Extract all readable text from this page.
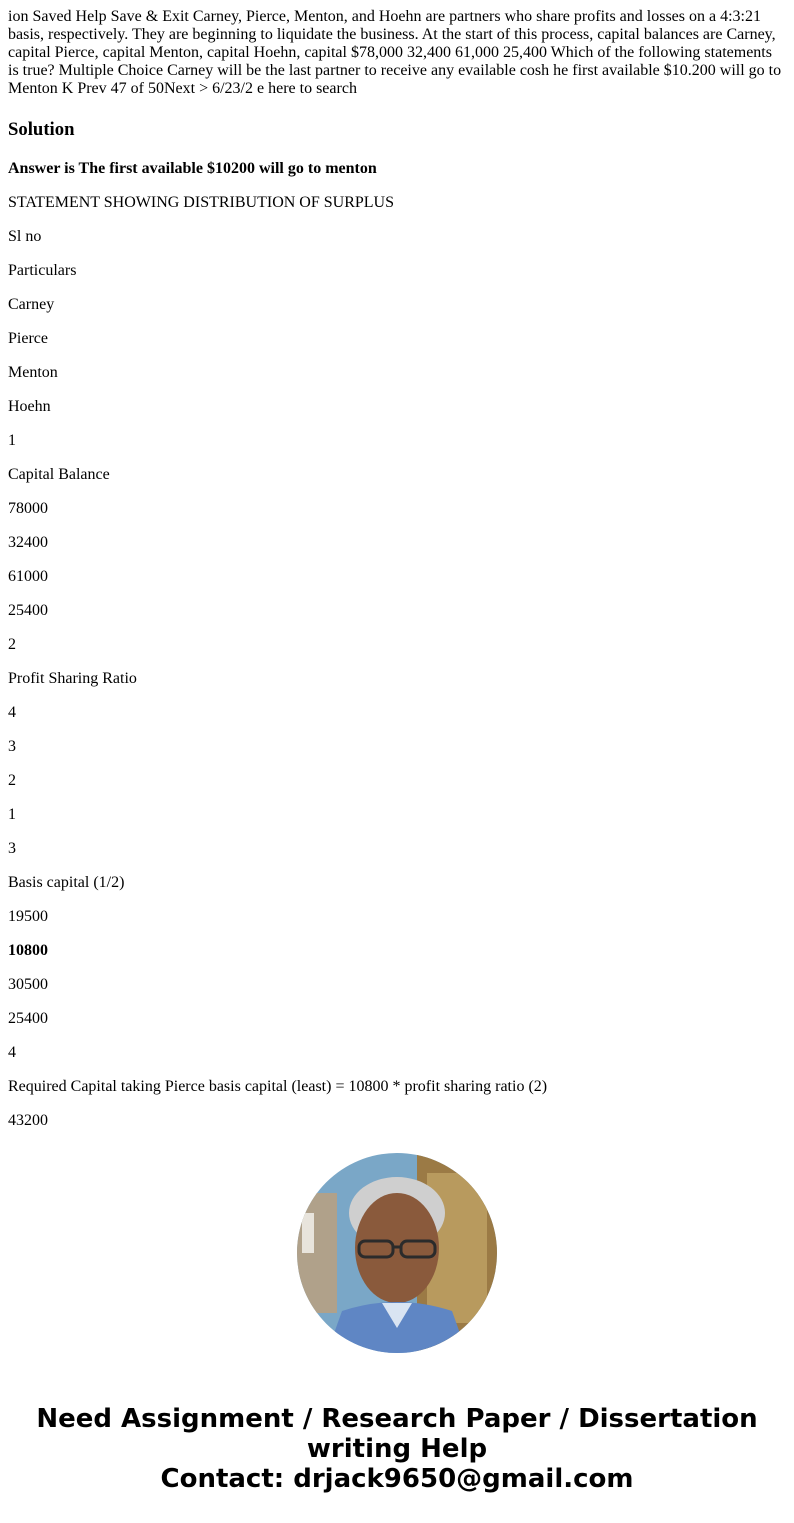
ion Saved Help Save & Exit Carney, Pierce, Menton, and Hoehn are partners who share profits and losses on a 4:3:21 basis, respectively. They are beginning to liquidate the business. At the start of this process, capital balances are Carney, capital Pierce, capital Menton, capital Hoehn, capital $78,000 32,400 61,000 25,400 Which of the following statements is true? Multiple Choice Carney will be the last partner to receive any evailable cosh he first available $10.200 will go to Menton K Prev 47 of 50Next > 6/23/2 e here to search
Solution

Answer is The first available $10200 will go to menton

STATEMENT SHOWING DISTRIBUTION OF SURPLUS

Sl no

Particulars

Carney

Pierce

Menton

Hoehn

1

Capital Balance

78000

32400

61000

25400

2

Profit Sharing Ratio

4

3

2

1

3

Basis capital (1/2)

19500

10800

30500

25400

4

Required Capital taking Pierce basis capital (least) = 10800 * profit sharing ratio (2)

43200

Need Assignment / Research Paper / Dissertation
writing Help
Contact: drjack9650@gmail.com
